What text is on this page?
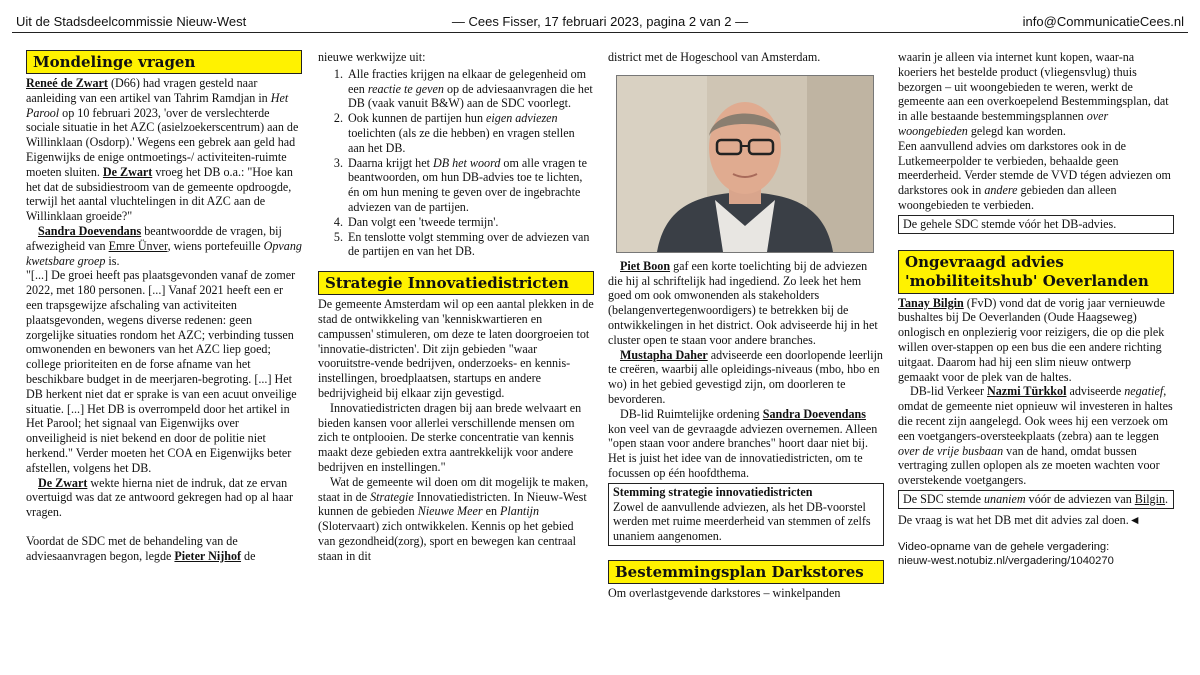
Uit de Stadsdeelcommissie Nieuw-West	— Cees Fisser, 17 februari 2023, pagina 2 van 2 —	info@CommunicatieCees.nl
Mondelinge vragen

Reneé de Zwart (D66) had vragen gesteld naar aanleiding van een artikel van Tahrim Ramdjan in Het Parool op 10 februari 2023, 'over de verslechterde sociale situatie in het AZC (asielzoekerscentrum) aan de Willinklaan (Osdorp).' Wegens een gebrek aan geld had Eigenwijks de enige ontmoetings-/ activiteiten-ruimte moeten sluiten. De Zwart vroeg het DB o.a.: "Hoe kan het dat de subsidiestroom van de gemeente opdroogde, terwijl het aantal vluchtelingen in dit AZC aan de Willinklaan groeide?"

Sandra Doevendans beantwoordde de vragen, bij afwezigheid van Emre Ünver, wiens portefeuille Opvang kwetsbare groep is.

"[...] De groei heeft pas plaatsgevonden vanaf de zomer 2022, met 180 personen. [...] Vanaf 2021 heeft een er een trapsgewijze afschaling van activiteiten plaatsgevonden, wegens diverse redenen: geen zorgelijke situaties rondom het AZC; verbinding tussen omwonenden en bewoners van het AZC liep goed; college prioriteiten en de forse afname van het beschikbare budget in de meerjaren-begroting. [...] Het DB herkent niet dat er sprake is van een acuut onveilige situatie. [...] Het DB is overrompeld door het artikel in Het Parool; het signaal van Eigenwijks over onveiligheid is niet bekend en door de politie niet herkend." Verder moeten het COA en Eigenwijks beter afstellen, volgens het DB.

De Zwart wekte hierna niet de indruk, dat ze ervan overtuigd was dat ze antwoord gekregen had op al haar vragen.

Voordat de SDC met de behandeling van de adviesaanvragen begon, legde Pieter Nijhof de

nieuwe werkwijze uit:

1. Alle fracties krijgen na elkaar de gelegenheid om een reactie te geven op de adviesaanvragen die het DB (vaak vanuit B&W) aan de SDC voorlegt.
2. Ook kunnen de partijen hun eigen adviezen toelichten (als ze die hebben) en vragen stellen aan het DB.
3. Daarna krijgt het DB het woord om alle vragen te beantwoorden, om hun DB-advies toe te lichten, én om hun mening te geven over de ingebrachte adviezen van de partijen.
4. Dan volgt een 'tweede termijn'.
5. En tenslotte volgt stemming over de adviezen van de partijen en van het DB.
Strategie Innovatiedistricten

De gemeente Amsterdam wil op een aantal plekken in de stad de ontwikkeling van 'kenniskwartieren en campussen' stimuleren, om deze te laten doorgroeien tot 'innovatie-districten'. Dit zijn gebieden "waar vooruitstre-vende bedrijven, onderzoeks- en kennis-instellingen, broedplaatsen, startups en andere bedrijvigheid bij elkaar zijn gevestigd.

Innovatiedistricten dragen bij aan brede welvaart en bieden kansen voor allerlei verschillende mensen om zich te ontplooien. De sterke concentratie van kennis maakt deze gebieden extra aantrekkelijk voor andere bedrijven en instellingen."

Wat de gemeente wil doen om dit mogelijk te maken, staat in de Strategie Innovatiedistricten. In Nieuw-West kunnen de gebieden Nieuwe Meer en Plantijn (Slotervaart) zich ontwikkelen. Kennis op het gebied van gezondheid(zorg), sport en bewegen kan centraal staan in dit

district met de Hogeschool van Amsterdam.

Piet Boon gaf een korte toelichting bij de adviezen die hij al schriftelijk had ingediend. Zo leek het hem goed om ook omwonenden als stakeholders (belangenvertegenwoordigers) te betrekken bij de ontwikkelingen in het district. Ook adviseerde hij in het cluster open te staan voor andere branches.

Mustapha Daher adviseerde een doorlopende leerlijn te creëren, waarbij alle opleidings-niveaus (mbo, hbo en wo) in het gebied gevestigd zijn, om doorleren te bevorderen.

DB-lid Ruimtelijke ordening Sandra Doevendans kon veel van de gevraagde adviezen overnemen. Alleen "open staan voor andere branches" hoort daar niet bij. Het is juist het idee van de innovatiedistricten, om te focussen op één hoofdthema.

Stemming strategie innovatiedistricten
Zowel de aanvullende adviezen, als het DB-voorstel werden met ruime meerderheid van stemmen of zelfs unaniem aangenomen.
Bestemmingsplan Darkstores

Om overlastgevende darkstores – winkelpanden

waarin je alleen via internet kunt kopen, waar-na koeriers het bestelde product (vliegensvlug) thuis bezorgen – uit woongebieden te weren, werkt de gemeente aan een overkoepelend Bestemmingsplan, dat in alle bestaande bestemmingsplannen over woongebieden gelegd kan worden.

Een aanvullend advies om darkstores ook in de Lutkemeerpolder te verbieden, behaalde geen meerderheid. Verder stemde de VVD tégen adviezen om darkstores ook in andere gebieden dan alleen woongebieden te verbieden.

De gehele SDC stemde vóór het DB-advies.
Ongevraagd advies 'mobiliteitshub' Oeverlanden

Tanay Bilgin (FvD) vond dat de vorig jaar vernieuwde bushaltes bij De Oeverlanden (Oude Haagseweg) onlogisch en onplezierig voor reizigers, die op die plek willen over-stappen op een bus die een andere richting uitgaat. Daarom had hij een slim nieuw ontwerp gemaakt voor de plek van de haltes.

DB-lid Verkeer Nazmi Türkkol adviseerde negatief, omdat de gemeente niet opnieuw wil investeren in haltes die recent zijn aangelegd. Ook wees hij een verzoek om een voetgangers-oversteekplaats (zebra) aan te leggen over de vrije busbaan van de hand, omdat bussen vertraging zullen oplopen als ze moeten wachten voor overstekende voetgangers.

De SDC stemde unaniem vóór de adviezen van Bilgin.

De vraag is wat het DB met dit advies zal doen.◄

Video-opname van de gehele vergadering:
nieuw-west.notubiz.nl/vergadering/1040270
